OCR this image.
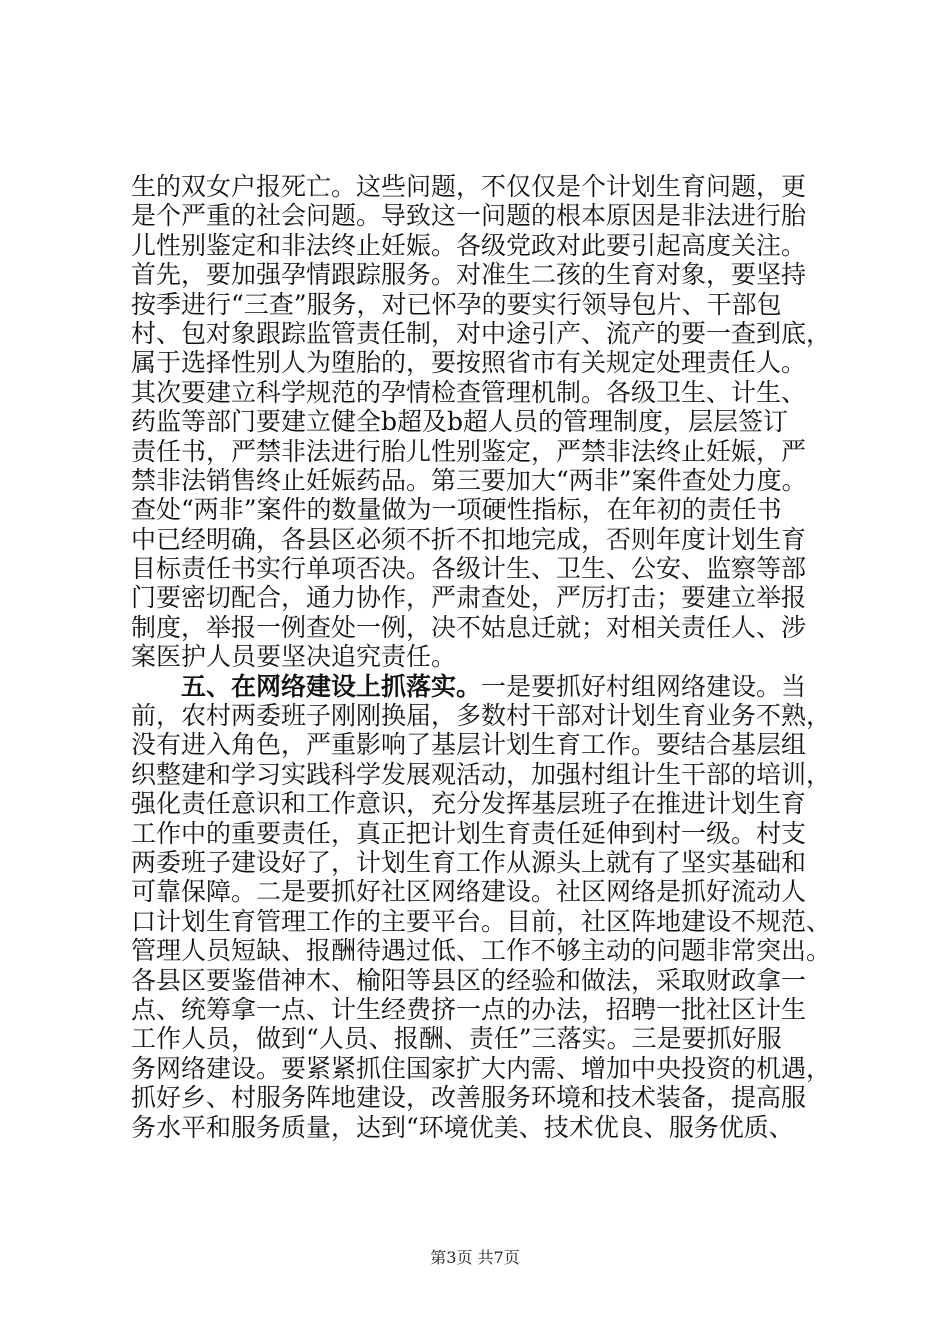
生的双女户报死亡。这些问题，不仅仅是个计划生育问题，更
是个严重的社会问题。导致这一问题的根本原因是非法进行胎
儿性别鉴定和非法终止妊娠。各级党政对此要引起高度关注。
首先，要加强孕情跟踪服务。对准生二孩的生育对象，要坚持
按季进行“三查”服务，对已怀孕的要实行领导包片、干部包
村、包对象跟踪监管责任制，对中途引产、流产的要一查到底，
属于选择性别人为堕胎的，要按照省市有关规定处理责任人。
其次要建立科学规范的孕情检查管理机制。各级卫生、计生、
药监等部门要建立健全b超及b超人员的管理制度，层层签订
责任书，严禁非法进行胎儿性别鉴定，严禁非法终止妊娠，严
禁非法销售终止妊娠药品。第三要加大“两非”案件查处力度。
查处“两非”案件的数量做为一项硬性指标，在年初的责任书
中已经明确，各县区必须不折不扣地完成，否则年度计划生育
目标责任书实行单项否决。各级计生、卫生、公安、监察等部
门要密切配合，通力协作，严肃查处，严厉打击；要建立举报
制度，举报一例查处一例，决不姑息迁就；对相关责任人、涉
案医护人员要坚决追究责任。
五、在网络建设上抓落实。一是要抓好村组网络建设。当
前，农村两委班子刚刚换届，多数村干部对计划生育业务不熟，
没有进入角色，严重影响了基层计划生育工作。要结合基层组
织整建和学习实践科学发展观活动，加强村组计生干部的培训，
强化责任意识和工作意识，充分发挥基层班子在推进计划生育
工作中的重要责任，真正把计划生育责任延伸到村一级。村支
两委班子建设好了，计划生育工作从源头上就有了坚实基础和
可靠保障。二是要抓好社区网络建设。社区网络是抓好流动人
口计划生育管理工作的主要平台。目前，社区阵地建设不规范、
管理人员短缺、报酬待遇过低、工作不够主动的问题非常突出。
各县区要鉴借神木、榆阳等县区的经验和做法，采取财政拿一
点、统筹拿一点、计生经费挤一点的办法，招聘一批社区计生
工作人员，做到“人员、报酬、责任”三落实。三是要抓好服
务网络建设。要紧紧抓住国家扩大内需、增加中央投资的机遇，
抓好乡、村服务阵地建设，改善服务环境和技术装备，提高服
务水平和服务质量，达到“环境优美、技术优良、服务优质、
第3页 共7页
